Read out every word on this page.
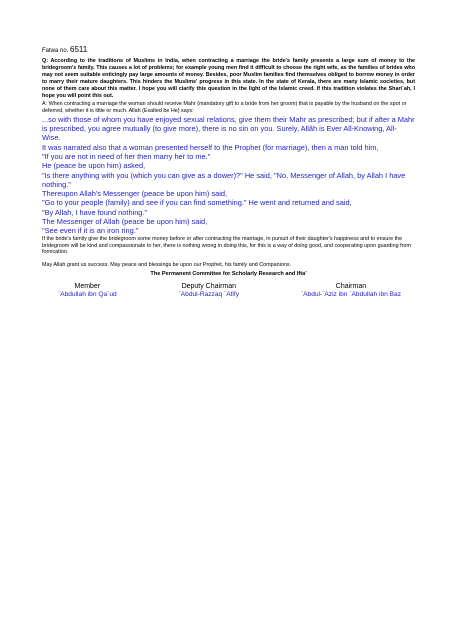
Fatwa no. 6511

Q: According to the traditions of Muslims in India, when contracting a marriage the bride's family presents a large sum of money to the bridegroom's family. This causes a lot of problems; for example young men find it difficult to choose the right wife, as the families of brides who may not seem suitable enticingly pay large amounts of money. Besides, poor Muslim families find themselves obliged to borrow money in order to marry their mature daughters. This hinders the Muslims' progress in this state. In the state of Kerala, there are many Islamic societies, but none of them care about this matter. I hope you will clarify this question in the light of the Islamic creed. If this tradition violates the Shari`ah, I hope you will point this out.

A: When contracting a marriage the woman should receive Mahr (mandatory gift to a bride from her groom) that is payable by the husband on the spot or deferred, whether it is little or much. Allah (Exalted be He) says:

...so with those of whom you have enjoyed sexual relations, give them their Mahr as prescribed; but if after a Mahr is prescribed, you agree mutually (to give more), there is no sin on you. Surely, Allâh is Ever All-Knowing, All-Wise.

It was narrated also that a woman presented herself to the Prophet (for marriage), then a man told him,

"If you are not in need of her then marry her to me."

He (peace be upon him) asked,

"Is there anything with you (which you can give as a dower)?" He said, "No, Messenger of Allah, by Allah I have nothing."

Thereupon Allah's Messenger (peace be upon him) said,

"Go to your people (family) and see if you can find something." He went and returned and said,

"By Allah, I have found nothing."

The Messenger of Allah (peace be upon him) said,

"See even if it is an iron ring."

If the bride's family give the bridegroom some money before or after contracting the marriage, in pursuit of their daughter's happiness and to ensure the bridegroom will be kind and compassionate to her, there is nothing wrong in doing this, for this is a way of doing good, and cooperating upon guarding from fornication.

May Allah grant us success. May peace and blessings be upon our Prophet, his family and Companions.

The Permanent Committee for Scholarly Research and Ifta'
Member
`Abdullah ibn Qa`ud
Deputy Chairman
`Abdul-Razzaq `Afify
Chairman
`Abdul-`Aziz ibn `Abdullah ibn Baz
